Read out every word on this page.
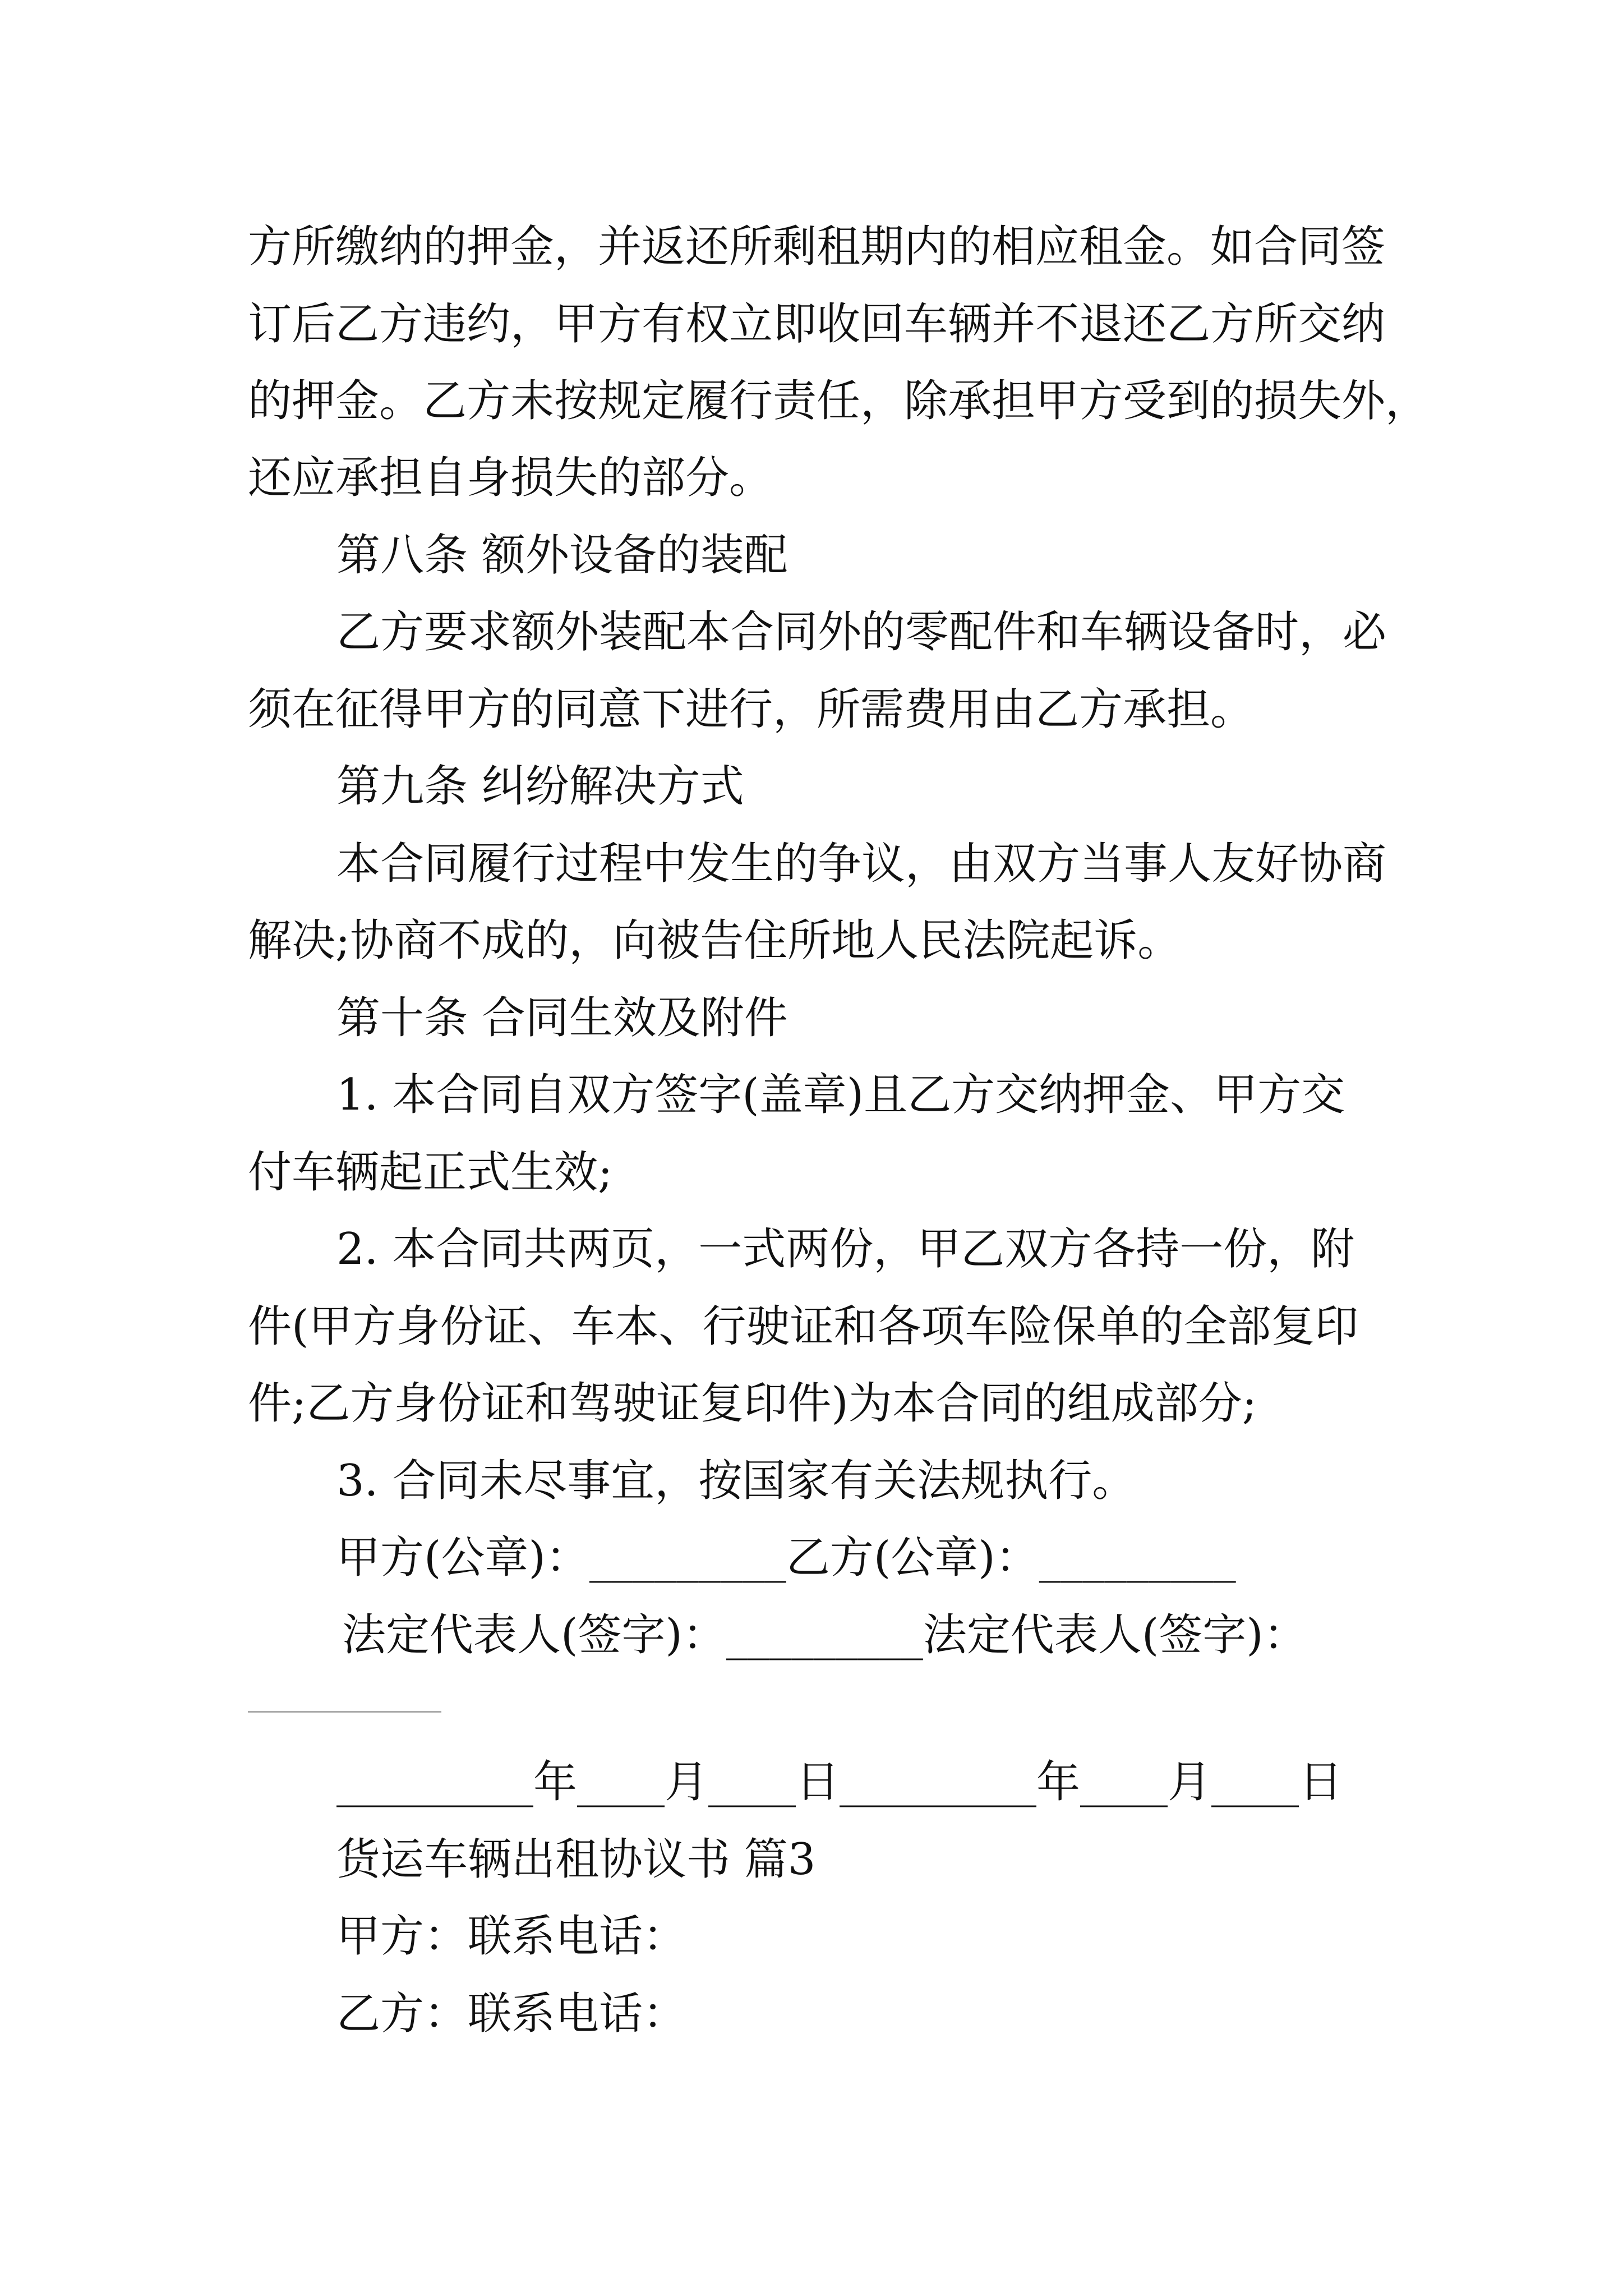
方所缴纳的押金，并返还所剩租期内的相应租金。如合同签

订后乙方违约，甲方有权立即收回车辆并不退还乙方所交纳

的押金。乙方未按规定履行责任，除承担甲方受到的损失外，

还应承担自身损失的部分。

第八条 额外设备的装配

乙方要求额外装配本合同外的零配件和车辆设备时，必

须在征得甲方的同意下进行，所需费用由乙方承担。

第九条 纠纷解决方式

本合同履行过程中发生的争议，由双方当事人友好协商

解决;协商不成的，向被告住所地人民法院起诉。

第十条 合同生效及附件

1. 本合同自双方签字(盖章)且乙方交纳押金、甲方交

付车辆起正式生效;

2. 本合同共两页，一式两份，甲乙双方各持一份，附

件(甲方身份证、车本、行驶证和各项车险保单的全部复印

件;乙方身份证和驾驶证复印件)为本合同的组成部分;

3. 合同未尽事宜，按国家有关法规执行。

甲方(公章)：_________乙方(公章)：_________

法定代表人(签字)：_________法定代表人(签字)：

_________年____月____日_________年____月____日

货运车辆出租协议书 篇3

甲方：联系电话：

乙方：联系电话：
